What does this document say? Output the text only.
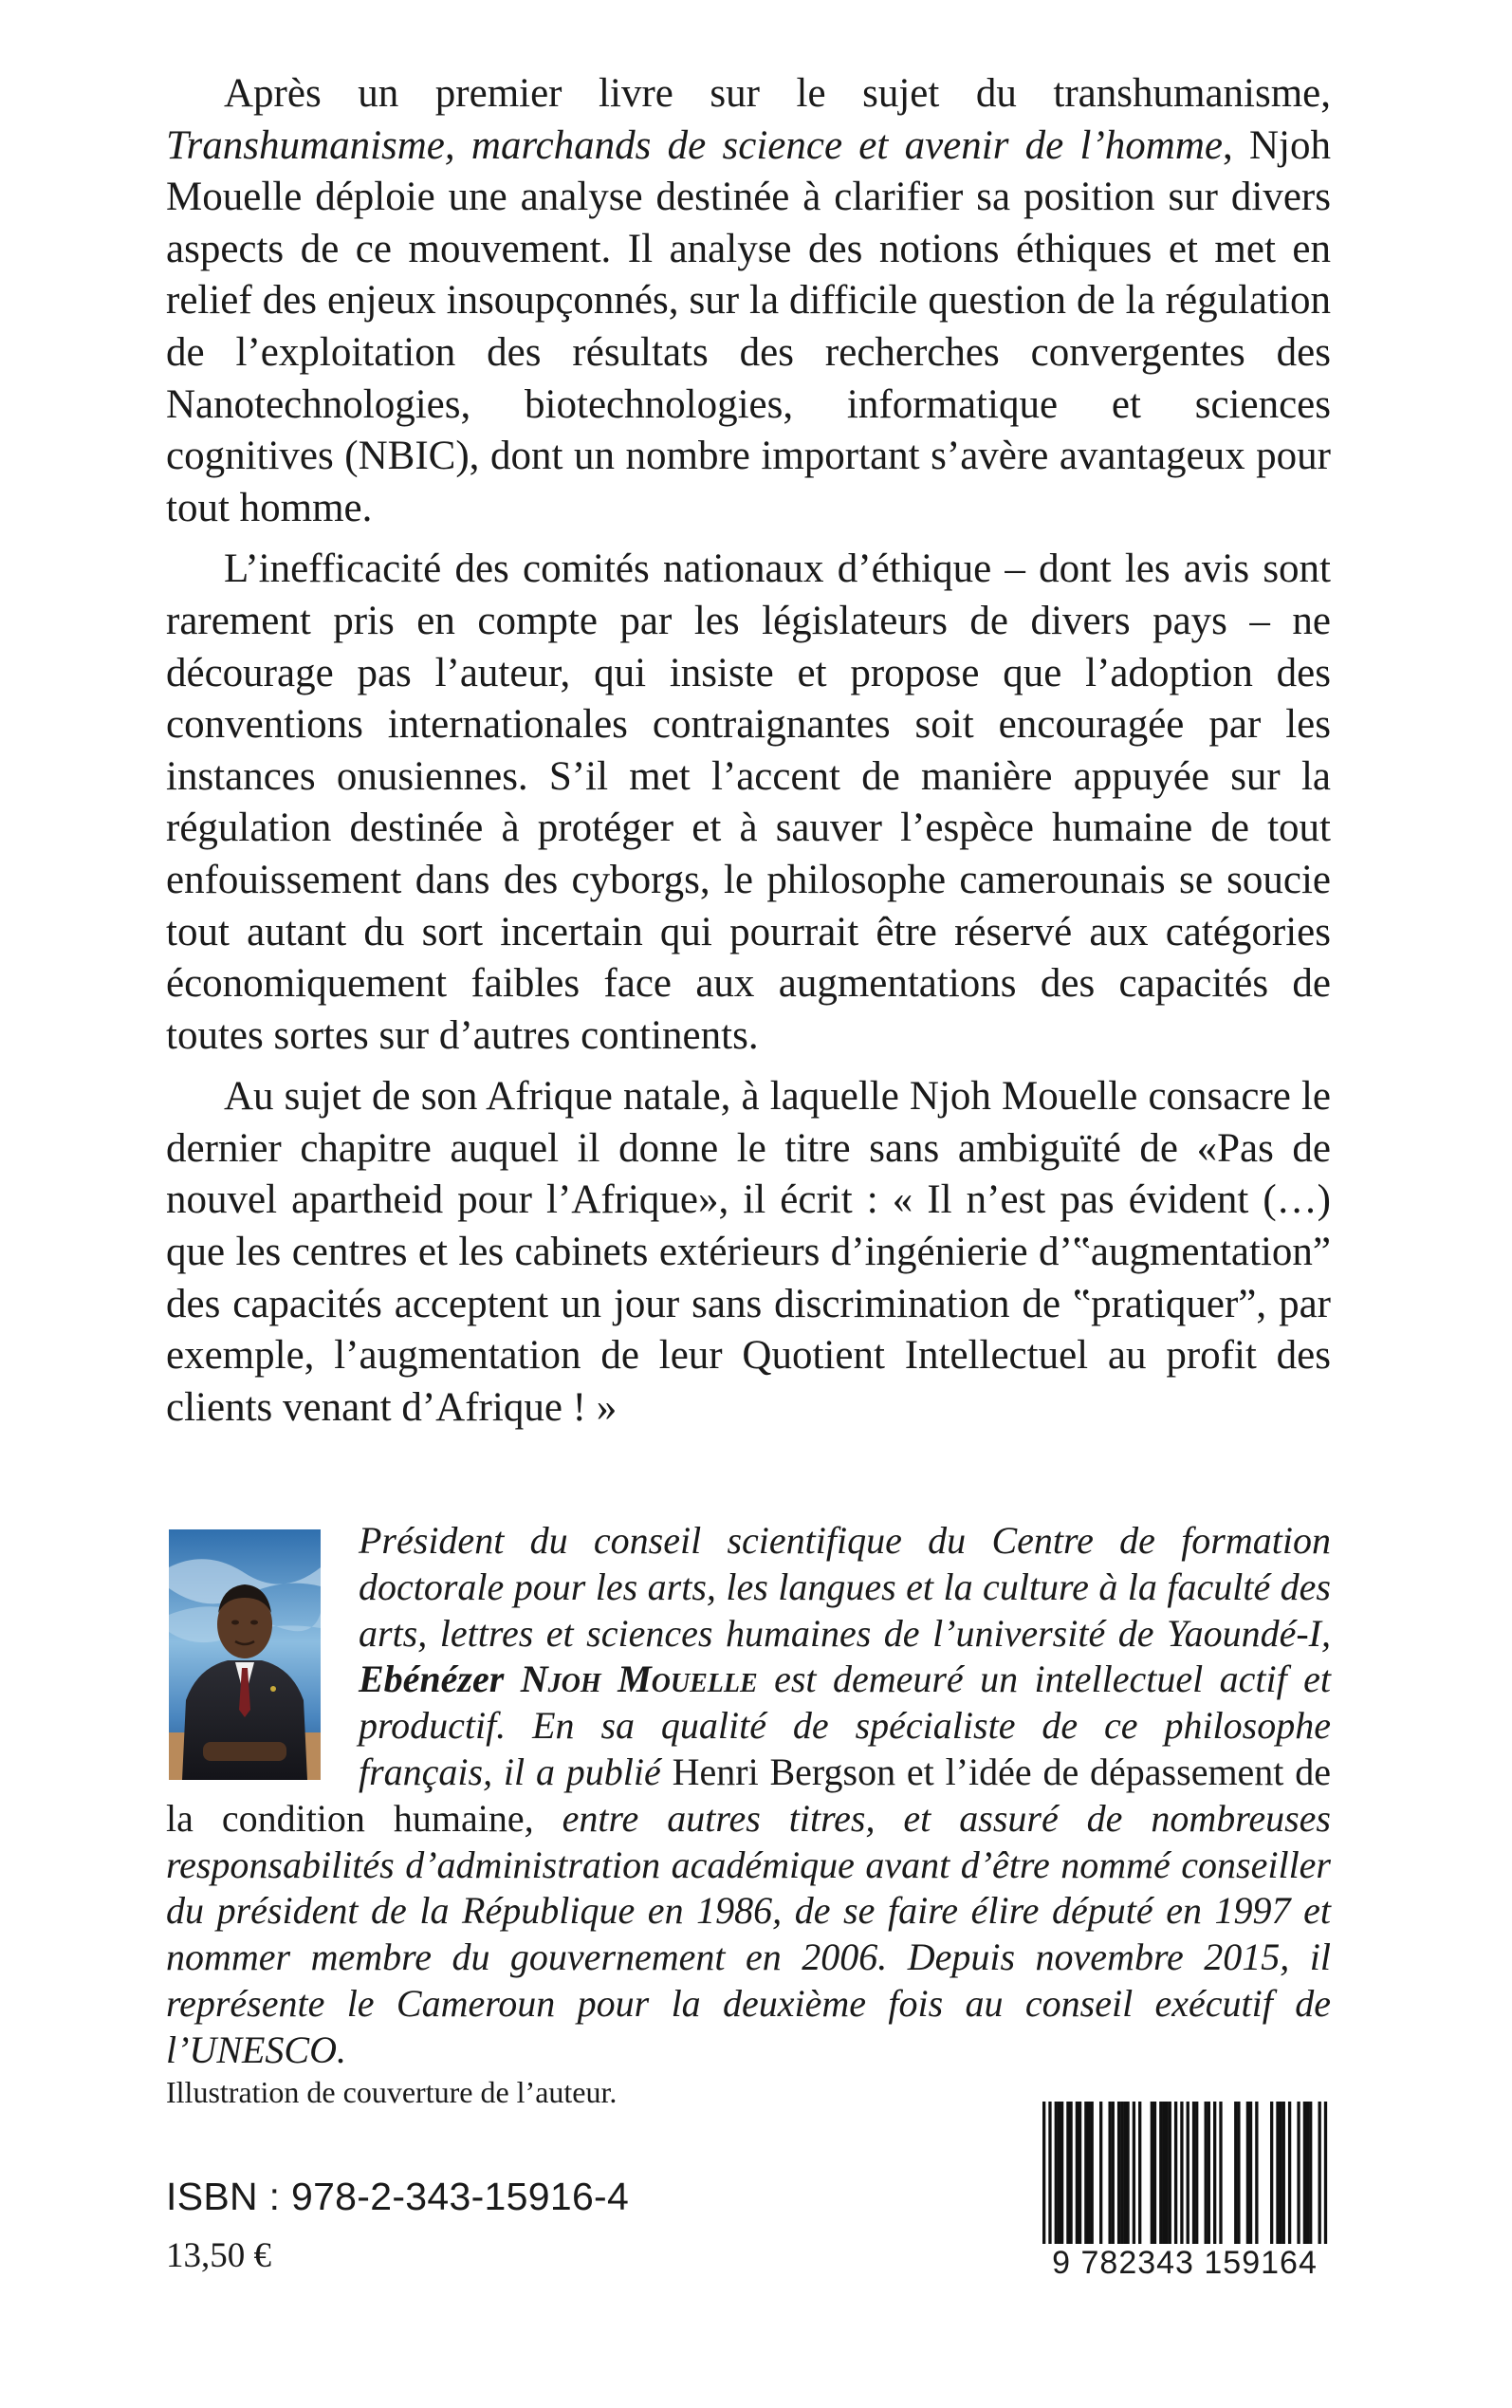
Après un premier livre sur le sujet du transhumanisme, Transhumanisme, marchands de science et avenir de l’homme, Njoh Mouelle déploie une analyse destinée à clarifier sa position sur divers aspects de ce mouvement. Il analyse des notions éthiques et met en relief des enjeux insoupçonnés, sur la difficile question de la régulation de l’exploitation des résultats des recherches convergentes des Nanotechnologies, biotechnologies, informatique et sciences cognitives (NBIC), dont un nombre important s’avère avantageux pour tout homme.

L’inefficacité des comités nationaux d’éthique – dont les avis sont rarement pris en compte par les législateurs de divers pays – ne décourage pas l’auteur, qui insiste et propose que l’adoption des conventions internationales contraignantes soit encouragée par les instances onusiennes. S’il met l’accent de manière appuyée sur la régulation destinée à protéger et à sauver l’espèce humaine de tout enfouissement dans des cyborgs, le philosophe camerounais se soucie tout autant du sort incertain qui pourrait être réservé aux catégories économiquement faibles face aux augmentations des capacités de toutes sortes sur d’autres continents.

Au sujet de son Afrique natale, à laquelle Njoh Mouelle consacre le dernier chapitre auquel il donne le titre sans ambiguïté de «Pas de nouvel apartheid pour l’Afrique», il écrit : « Il n’est pas évident (…) que les centres et les cabinets extérieurs d’ingénierie d’‟augmentation” des capacités acceptent un jour sans discrimination de ‟pratiquer”, par exemple, l’augmentation de leur Quotient Intellectuel au profit des clients venant d’Afrique ! »

Président du conseil scientifique du Centre de formation doctorale pour les arts, les langues et la culture à la faculté des arts, lettres et sciences humaines de l’université de Yaoundé-I, Ebénézer Njoh Mouelle est demeuré un intellectuel actif et productif. En sa qualité de spécialiste de ce philosophe français, il a publié Henri Bergson et l’idée de dépassement de la condition humaine, entre autres titres, et assuré de nombreuses responsabilités d’administration académique avant d’être nommé conseiller du président de la République en 1986, de se faire élire député en 1997 et nommer membre du gouvernement en 2006. Depuis novembre 2015, il représente le Cameroun pour la deuxième fois au conseil exécutif de l’UNESCO.
Illustration de couverture de l’auteur.
ISBN : 978-2-343-15916-4
13,50 €	9 782343 159164
